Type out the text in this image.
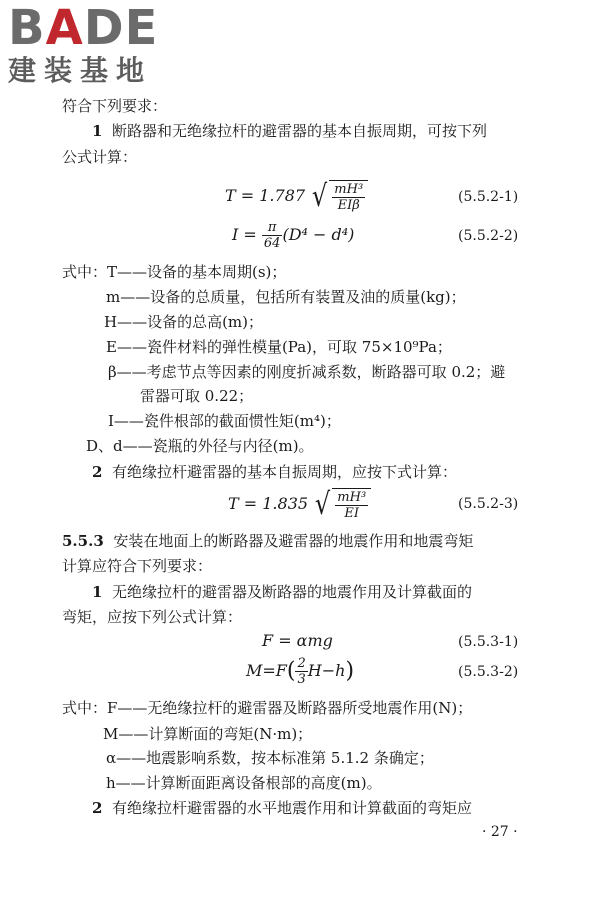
BADE
建装基地
符合下列要求：
1 断路器和无绝缘拉杆的避雷器的基本自振周期，可按下列
公式计算：
T = 1.787 √ $\frac{\text{mH³}}{\text{EIβ}}$	(5.5.2-1)
$I = \frac{\pi}{64} (D^4 - d^4)$	(5.5.2-2)
式中：T——设备的基本周期(s)；
m——设备的总质量，包括所有装置及油的质量(kg)；
H——设备的总高(m)；
E——瓷件材料的弹性模量(Pa)，可取 75×10⁹Pa；
β——考虑节点等因素的刚度折减系数，断路器可取 0.2；避
雷器可取 0.22；
I——瓷件根部的截面惯性矩(m⁴)；
D、d——瓷瓶的外径与内径(m)。
2 有绝缘拉杆避雷器的基本自振周期，应按下式计算：
T = 1.835 √ $\frac{\text{mH³}}{EI}$	(5.5.2-3)
5.5.3 安装在地面上的断路器及避雷器的地震作用和地震弯矩
计算应符合下列要求：
1 无绝缘拉杆的避雷器及断路器的地震作用及计算截面的
弯矩，应按下列公式计算：
F = αmg	(5.5.3-1)
$M=F( \frac{2}{3} H-h)$	(5.5.3-2)
式中：F——无绝缘拉杆的避雷器及断路器所受地震作用(N)；
M——计算断面的弯矩(N·m)；
α——地震影响系数，按本标准第 5.1.2 条确定；
h——计算断面距离设备根部的高度(m)。
2 有绝缘拉杆避雷器的水平地震作用和计算截面的弯矩应
· 27 ·
